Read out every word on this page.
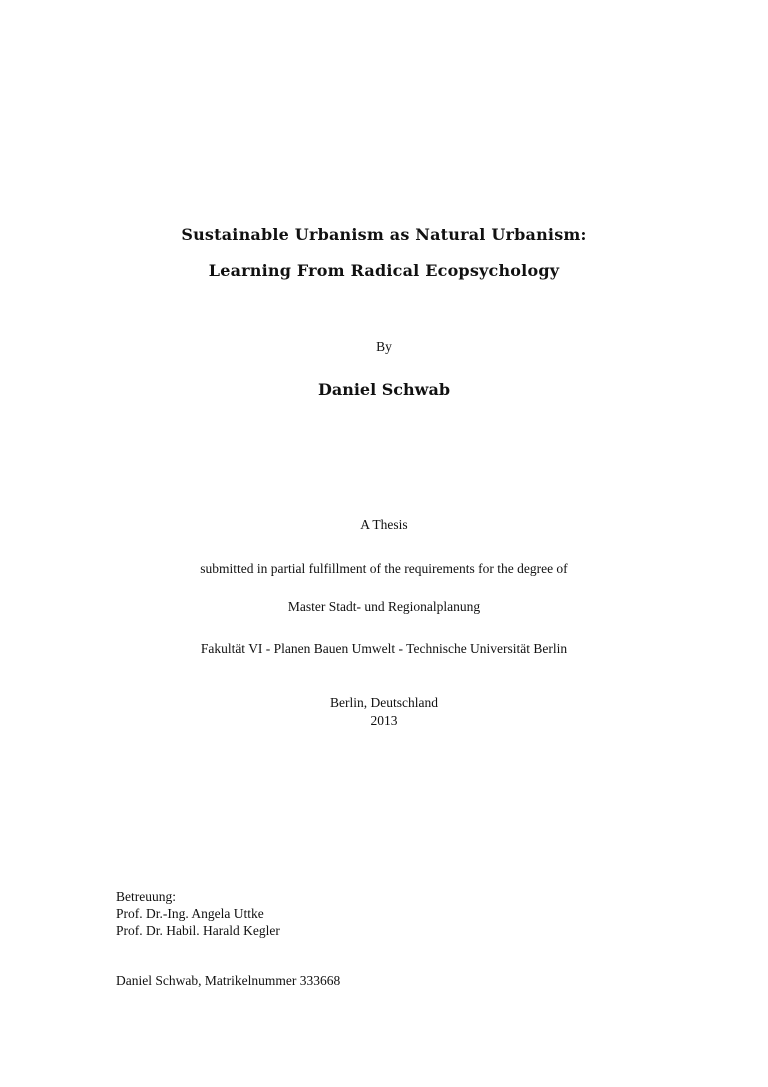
Sustainable Urbanism as Natural Urbanism:
Learning From Radical Ecopsychology
By
Daniel Schwab
A Thesis
submitted in partial fulfillment of the requirements for the degree of
Master Stadt- und Regionalplanung
Fakultät VI - Planen Bauen Umwelt - Technische Universität Berlin
Berlin, Deutschland
2013
Betreuung:
Prof. Dr.-Ing. Angela Uttke
Prof. Dr. Habil. Harald Kegler
Daniel Schwab, Matrikelnummer 333668
